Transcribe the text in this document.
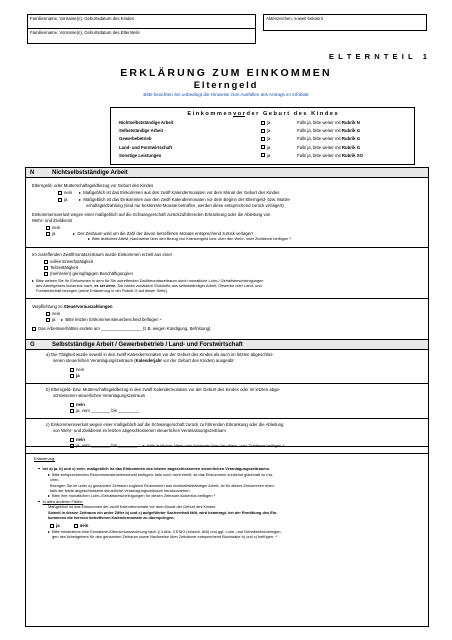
Familienname, Vorname(n), Geburtsdatum des Kindes
Familienname, Vorname(n), Geburtsdatum des Elternteils
Aktenzeichen, soweit bekannt
E L T E R N T E I L   1
ERKLÄRUNG ZUM EINKOMMEN
Elterngeld
Bitte beachten Sie unbedingt die Hinweise zum Ausfüllen des Antrags im Infoblatt
E i n k o m m e n v o r d e r   G e b u r t   d e s   K i n d e s
Nichtselbstständige Arbeit	ja	Falls ja, bitte weiter mit Rubrik N
Selbstständige Arbeit	ja	Falls ja, bitte weiter mit Rubrik G
Gewerbebetrieb	ja	Falls ja, bitte weiter mit Rubrik G
Land- und Forstwirtschaft	ja	Falls ja, bitte weiter mit Rubrik G
Sonstige Leistungen	ja	Falls ja, bitte weiter mit Rubrik SO
N	Nichtselbstständige Arbeit
Elterngeld- oder Mutterschaftsgeldbezug vor Geburt des Kindes
nein	Maßgeblich ist das Einkommen aus den zwölf Kalendermonaten vor dem Monat der Geburt des Kindes
ja	Maßgeblich ist das Einkommen aus den zwölf Kalendermonaten vor dem Beginn der Elterngeld- bzw. Mutter-
schaftsgeldzahlung (sind nur bestimmte Monate betroffen, werden diese entsprechend zurück verlagert)
Einkommensverlust wegen einer maßgeblich auf die Schwangerschaft zurückzuführenden Erkrankung oder die Ableitung von
Wehr- und Zivildienst
nein
ja	Der Zeitraum wird um die Zahl der davon betroffenen Monate entsprechend zurück verlagert
Bitte ärztliches Attest, Nachweise über den Bezug von Krankengeld bzw. über den Wehr- oder Zivildienst beifügen ⁴
Im zutreffenden Zwölfmonatszeitraum wurde Einkommen erzielt aus einer
vollen Erwerbstätigkeit
Teilzeittätigkeit
(mehreren) geringfügigen Beschäftigung/en
Bitte weisen Sie Ihr Einkommen in dem für Sie zutreffenden Zwölfmonatszeitraum durch monatliche Lohn-/ Gehaltsbescheinigungen
des Arbeitgebers lückenlos nach, es sei denn, Sie haben zusätzlich Einkünfte aus selbstständiger Arbeit, Gewerbe oder Land- und
Forstwirtschaft bezogen (siehe Erläuterung in der Rubrik G auf dieser Seite).
Verpflichtung zu Steuervorauszahlungen
nein
ja Bitte letzten Einkommensteuerbescheid beifügen ⁴
Das Arbeitsverhältnis endete am _________________ (z.B. wegen Kündigung, Befristung)
G	Selbstständige Arbeit / Gewerbebetrieb / Land- und Forstwirtschaft
a) Die Tätigkeit wurde sowohl in den zwölf Kalendermonaten vor der Geburt des Kindes als auch im letzten abgeschlos-
senen steuerlichen Veranlagungszeitraum (Kalenderjahr vor der Geburt des Kindes) ausgeübt
nein
ja
b) Elterngeld- bzw. Mutterschaftsgeldbezug in den zwölf Kalendermonaten vor der Geburt des Kindes oder im letzten abge-
schlossenen steuerlichen Veranlagungszeitraum
nein
ja, vom ________ bis _________
c) Einkommensverlust wegen einer maßgeblich auf die Schwangerschaft zurück zu führenden Erkrankung oder die Ableitung
von Wehr- und Zivildienst im letzten abgeschlossenen steuerlichen Veranlassungszeitraum
nein
ja, vom ________ bis ________	Bitte ärztliches Attest oder Nachweis über den Wehr- oder Zivildienst beifügen ⁴
Erläuterung:
bei a) ja, b) und c) nein: maßgeblich ist das Einkommen des letzten abgeschlossenen steuerlichen Veranlagungszeitraums.
Bitte entsprechenden Einkommensteuerbescheid beifügen; falls noch nicht erteilt, ist das Einkommen zunächst glaubhaft zu ma-
chen.
Bezogen Sie im unter a) genannten Zeitraum zugleich Einkommen aus nichtselbstständiger Arbeit, ist für dieses Einkommen eben-
falls der letzte abgeschlossene steuerliche Veranlagungszeitraum heranzuziehen.
Bitte Ihre monatlichen Lohn-/Gehaltsbescheinigungen für diesen Zeitraum lückenlos beifügen ⁴
In allen anderen Fällen:
Maßgeblich ist das Einkommen der zwölf Kalendermonate vor dem Monat der Geburt des Kindes
Soweit in diesen Zeitraum ein unter Ziffer b) und c) aufgeführter Sachverhalt fällt, wird beantragt, bei der Ermittlung des Ein-
kommens die hiervon betroffenen Kalendermonate zu überspringen:
ja	nein
Bitte mindestens eine Einnahme-/Überschussrechnung nach § 4 Abs. 3 EStG (einschl. AfA) und ggf. Lohn- und Gehaltsbescheinigun-
gen des Arbeitgebers für den genannten Zeitraum sowie Nachweise über Zeiträume entsprechend Buchstabe b) und c) beifügen. ⁴
